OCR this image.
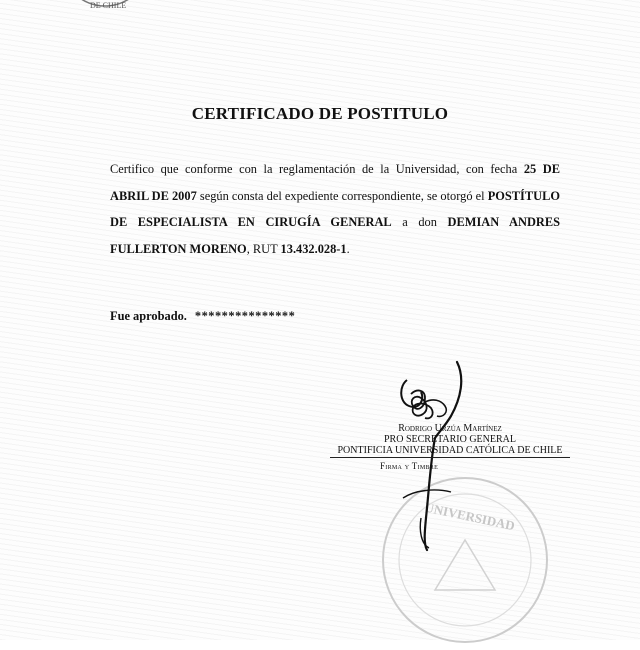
DE CHILE
CERTIFICADO DE POSTITULO
Certifico que conforme con la reglamentación de la Universidad, con fecha 25 DE ABRIL DE 2007 según consta del expediente correspondiente, se otorgó el POSTÍTULO DE ESPECIALISTA EN CIRUGÍA GENERAL a don DEMIAN ANDRES FULLERTON MORENO, RUT 13.432.028-1.
Fue aprobado. ***************
UNIVERSIDAD
Rodrigo Urzúa Martínez
PRO SECRETARIO GENERAL
PONTIFICIA UNIVERSIDAD CATÓLICA DE CHILE
Firma y Timbre
